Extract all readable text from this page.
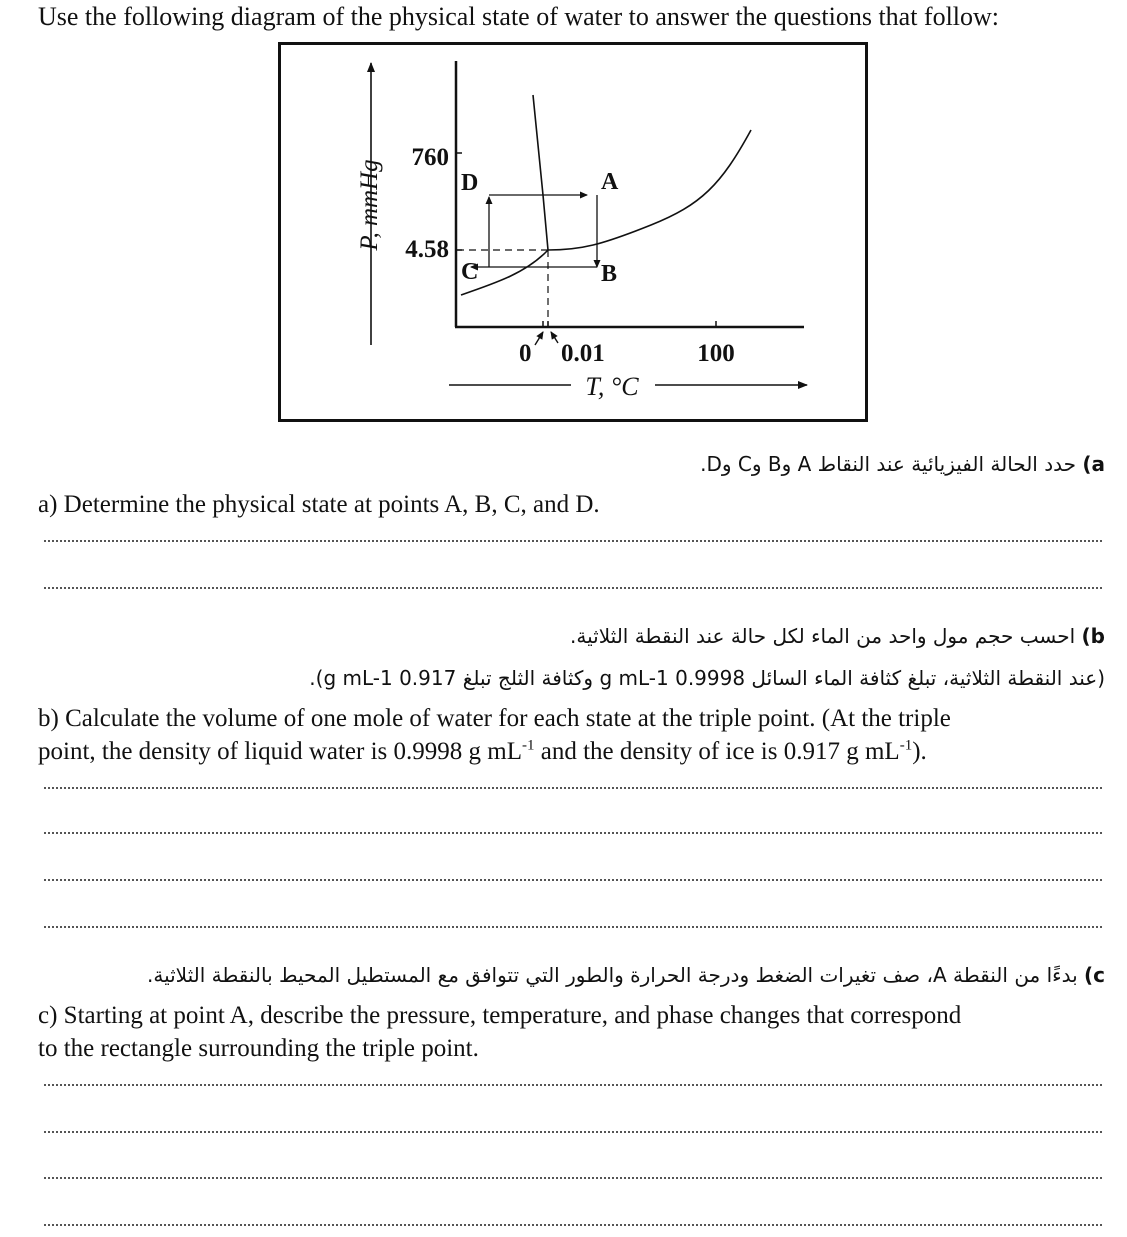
Use the following diagram of the physical state of water to answer the questions that follow:
P, mmHg
T, °C
760
4.58
0 0.01	100
D	A
B
C
a) حدد الحالة الفيزيائية عند النقاط A وB وC وD.
a) Determine the physical state at points A, B, C, and D.
b) احسب حجم مول واحد من الماء لكل حالة عند النقطة الثلاثية.
(عند النقطة الثلاثية، تبلغ كثافة الماء السائل 0.9998 g mL-1 وكثافة الثلج تبلغ 0.917 g mL-1).
b) Calculate the volume of one mole of water for each state at the triple point. (At the triple
point, the density of liquid water is 0.9998 g $mL^{-1}$ and the density of ice is 0.917 g $mL^{-1}$).
c) بدءًا من النقطة A، صف تغيرات الضغط ودرجة الحرارة والطور التي تتوافق مع المستطيل المحيط بالنقطة الثلاثية.
c) Starting at point A, describe the pressure, temperature, and phase changes that correspond
to the rectangle surrounding the triple point.
